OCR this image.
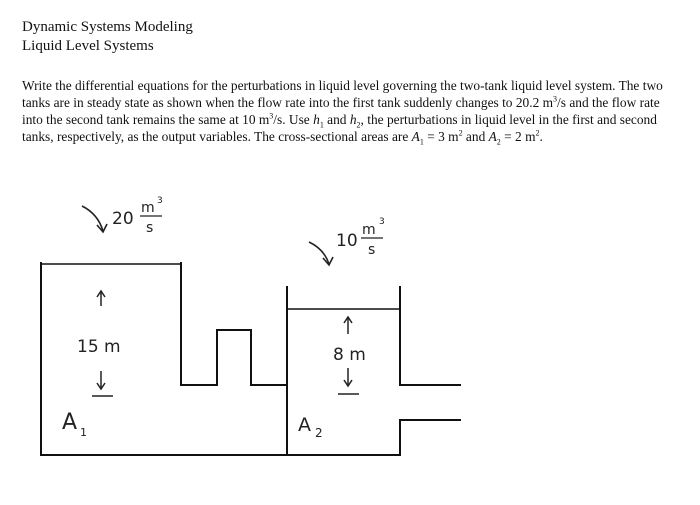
Dynamic Systems Modeling
Liquid Level Systems

Write the differential equations for the perturbations in liquid level governing the two-tank liquid level system. The two tanks are in steady state as shown when the flow rate into the first tank suddenly changes to 20.2 $m^3/s$ and the flow rate into the second tank remains the same at 10 $m^3/s$. Use $h_1$ and $h_2$, the perturbations in liquid level in the first and second tanks, respectively, as the output variables. The cross-sectional areas are $A_1 = 3$ $m^2$ and $A_2 = 2$ $m^2$.

20
m 3
s
10
m 3
s
15 m	8 m
A 1	A 2
